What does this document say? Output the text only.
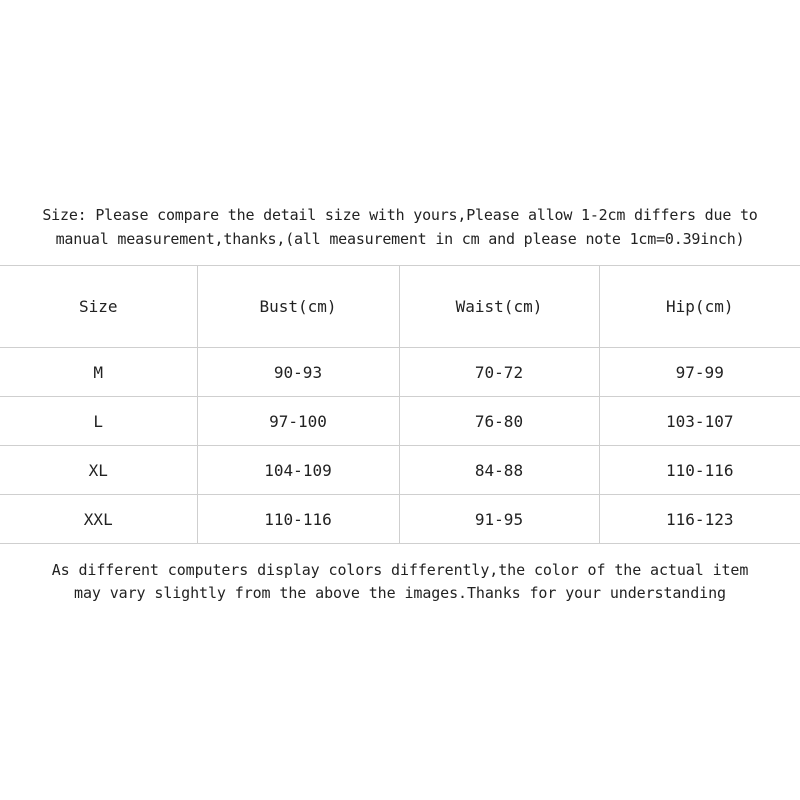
Size: Please compare the detail size with yours,Please allow 1-2cm differs due to
manual measurement,thanks,(all measurement in cm and please note 1cm=0.39inch)
Size	Bust(cm)	Waist(cm)	Hip(cm)
M	90-93	70-72	97-99
L	97-100	76-80	103-107
XL	104-109	84-88	110-116
XXL	110-116	91-95	116-123
As different computers display colors differently,the color of the actual item
may vary slightly from the above the images.Thanks for your understanding
